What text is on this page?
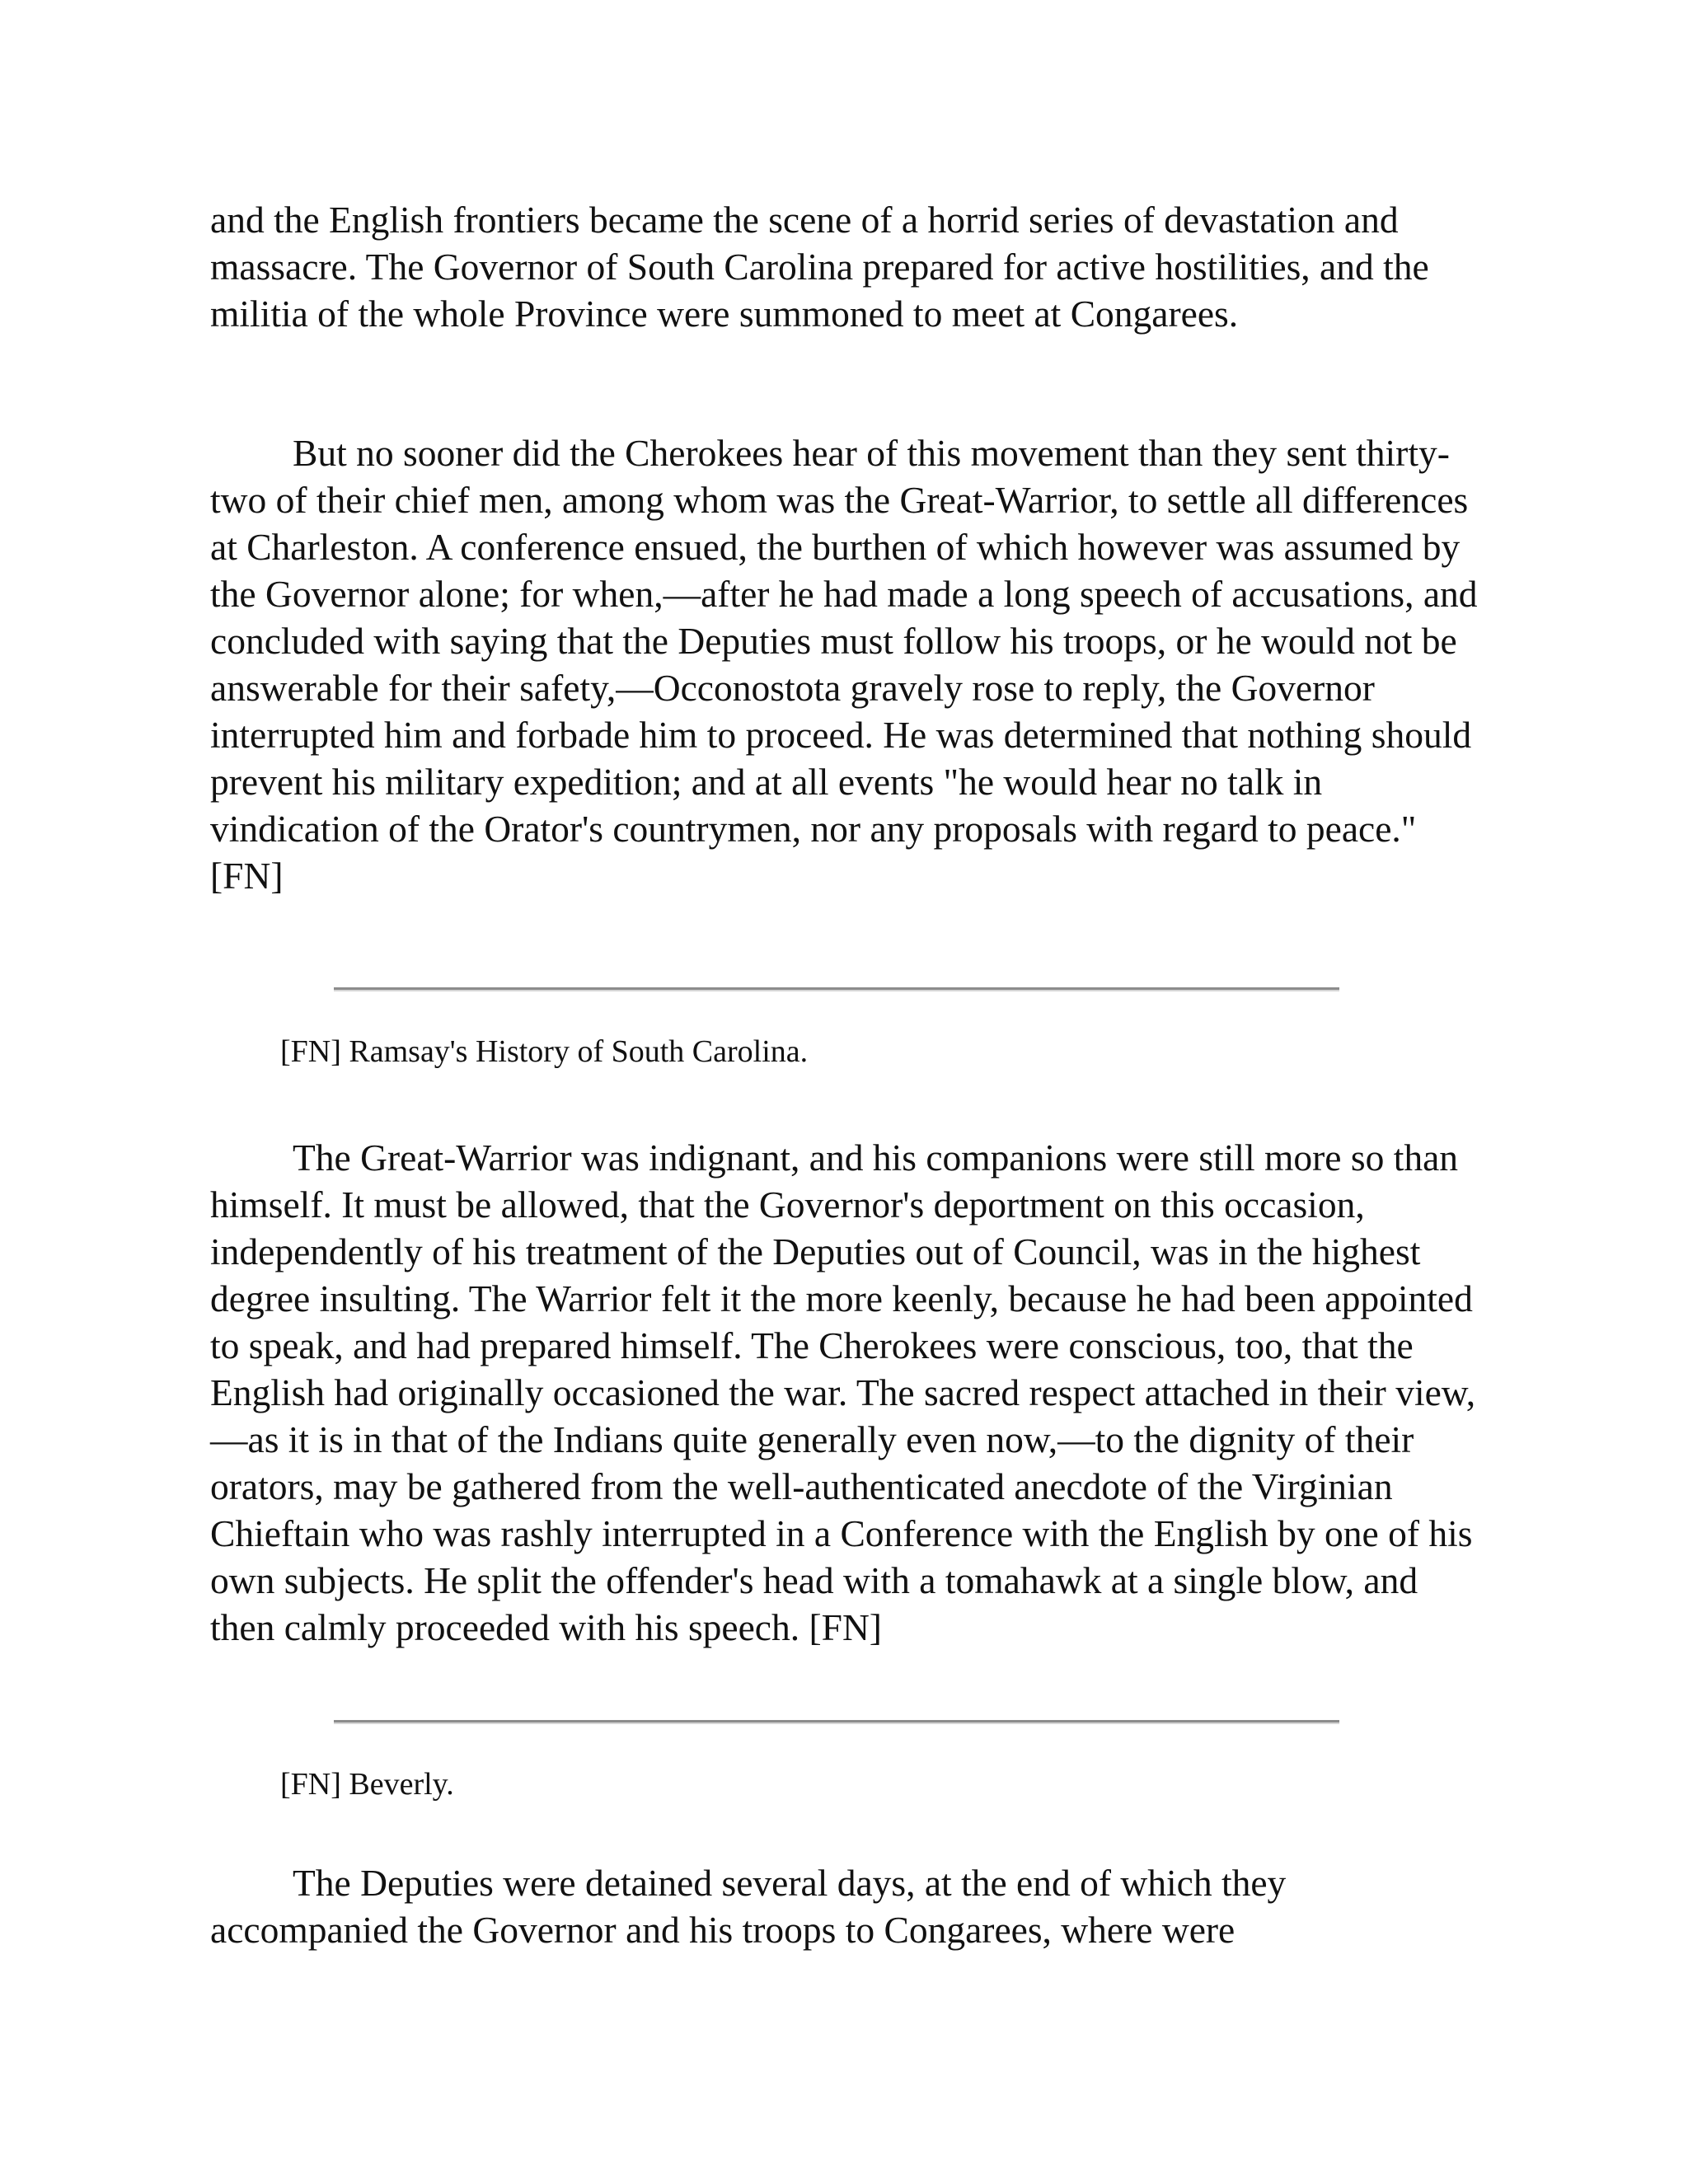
and the English frontiers became the scene of a horrid series of devastation and massacre. The Governor of South Carolina prepared for active hostilities, and the militia of the whole Province were summoned to meet at Congarees.

But no sooner did the Cherokees hear of this movement than they sent thirty-two of their chief men, among whom was the Great-Warrior, to settle all differences at Charleston. A conference ensued, the burthen of which however was assumed by the Governor alone; for when,—after he had made a long speech of accusations, and concluded with saying that the Deputies must follow his troops, or he would not be answerable for their safety,—Occonostota gravely rose to reply, the Governor interrupted him and forbade him to proceed. He was determined that nothing should prevent his military expedition; and at all events "he would hear no talk in vindication of the Orator's countrymen, nor any proposals with regard to peace." [FN]

[FN] Ramsay's History of South Carolina.

The Great-Warrior was indignant, and his companions were still more so than himself. It must be allowed, that the Governor's deportment on this occasion, independently of his treatment of the Deputies out of Council, was in the highest degree insulting. The Warrior felt it the more keenly, because he had been appointed to speak, and had prepared himself. The Cherokees were conscious, too, that the English had originally occasioned the war. The sacred respect attached in their view,—as it is in that of the Indians quite generally even now,—to the dignity of their orators, may be gathered from the well-authenticated anecdote of the Virginian Chieftain who was rashly interrupted in a Conference with the English by one of his own subjects. He split the offender's head with a tomahawk at a single blow, and then calmly proceeded with his speech. [FN]

[FN] Beverly.

The Deputies were detained several days, at the end of which they accompanied the Governor and his troops to Congarees, where were
